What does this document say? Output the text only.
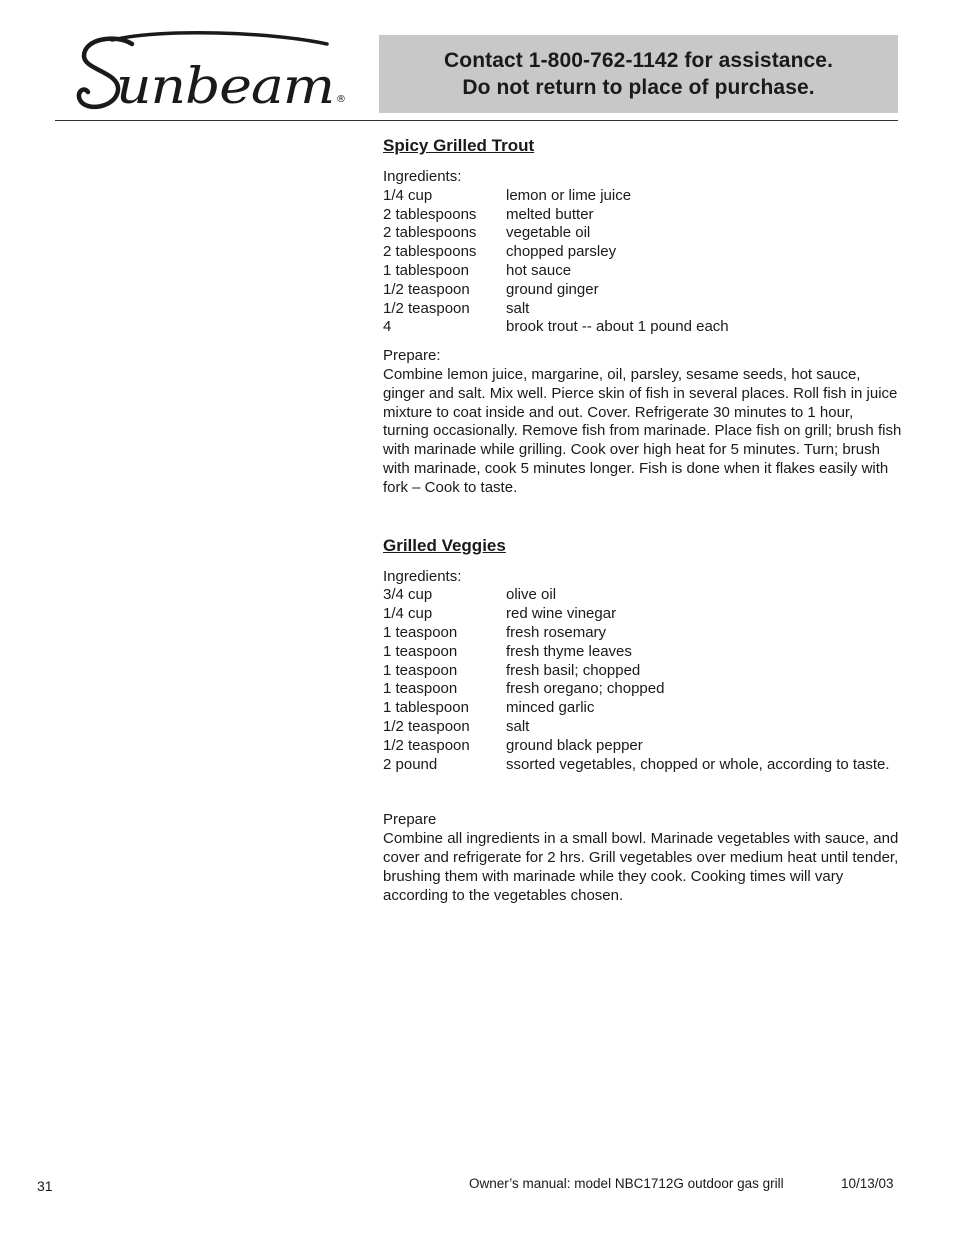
unbeam ®
Contact 1-800-762-1142 for assistance.
Do not return to place of purchase.
Spicy Grilled Trout
Ingredients:
1/4 cup	lemon or lime juice
2 tablespoons	melted butter
2 tablespoons	vegetable oil
2 tablespoons	chopped parsley
1 tablespoon	hot sauce
1/2 teaspoon	ground ginger
1/2 teaspoon	salt
4	brook trout -- about 1 pound each
Prepare:

Combine lemon juice, margarine, oil, parsley, sesame seeds, hot sauce, ginger and salt. Mix well. Pierce skin of fish in several places. Roll fish in juice mixture to coat inside and out. Cover. Refrigerate 30 minutes to 1 hour, turning occasionally. Remove fish from marinade. Place fish on grill; brush fish with marinade while grilling. Cook over high heat for 5 minutes. Turn; brush with marinade, cook 5 minutes longer. Fish is done when it flakes easily with fork – Cook to taste.

Grilled Veggies
Ingredients:
3/4 cup	olive oil
1/4 cup	red wine vinegar
1 teaspoon	fresh rosemary
1 teaspoon	fresh thyme leaves
1 teaspoon	fresh basil; chopped
1 teaspoon	fresh oregano; chopped
1 tablespoon	minced garlic
1/2 teaspoon	salt
1/2 teaspoon	ground black pepper
2 pound	ssorted vegetables, chopped or whole, according to taste.
Prepare

Combine all ingredients in a small bowl. Marinade vegetables with sauce, and cover and refrigerate for 2 hrs. Grill vegetables over medium heat until tender, brushing them with marinade while they cook. Cooking times will vary according to the vegetables chosen.

31	Owner’s manual: model NBC1712G outdoor gas grill	10/13/03
